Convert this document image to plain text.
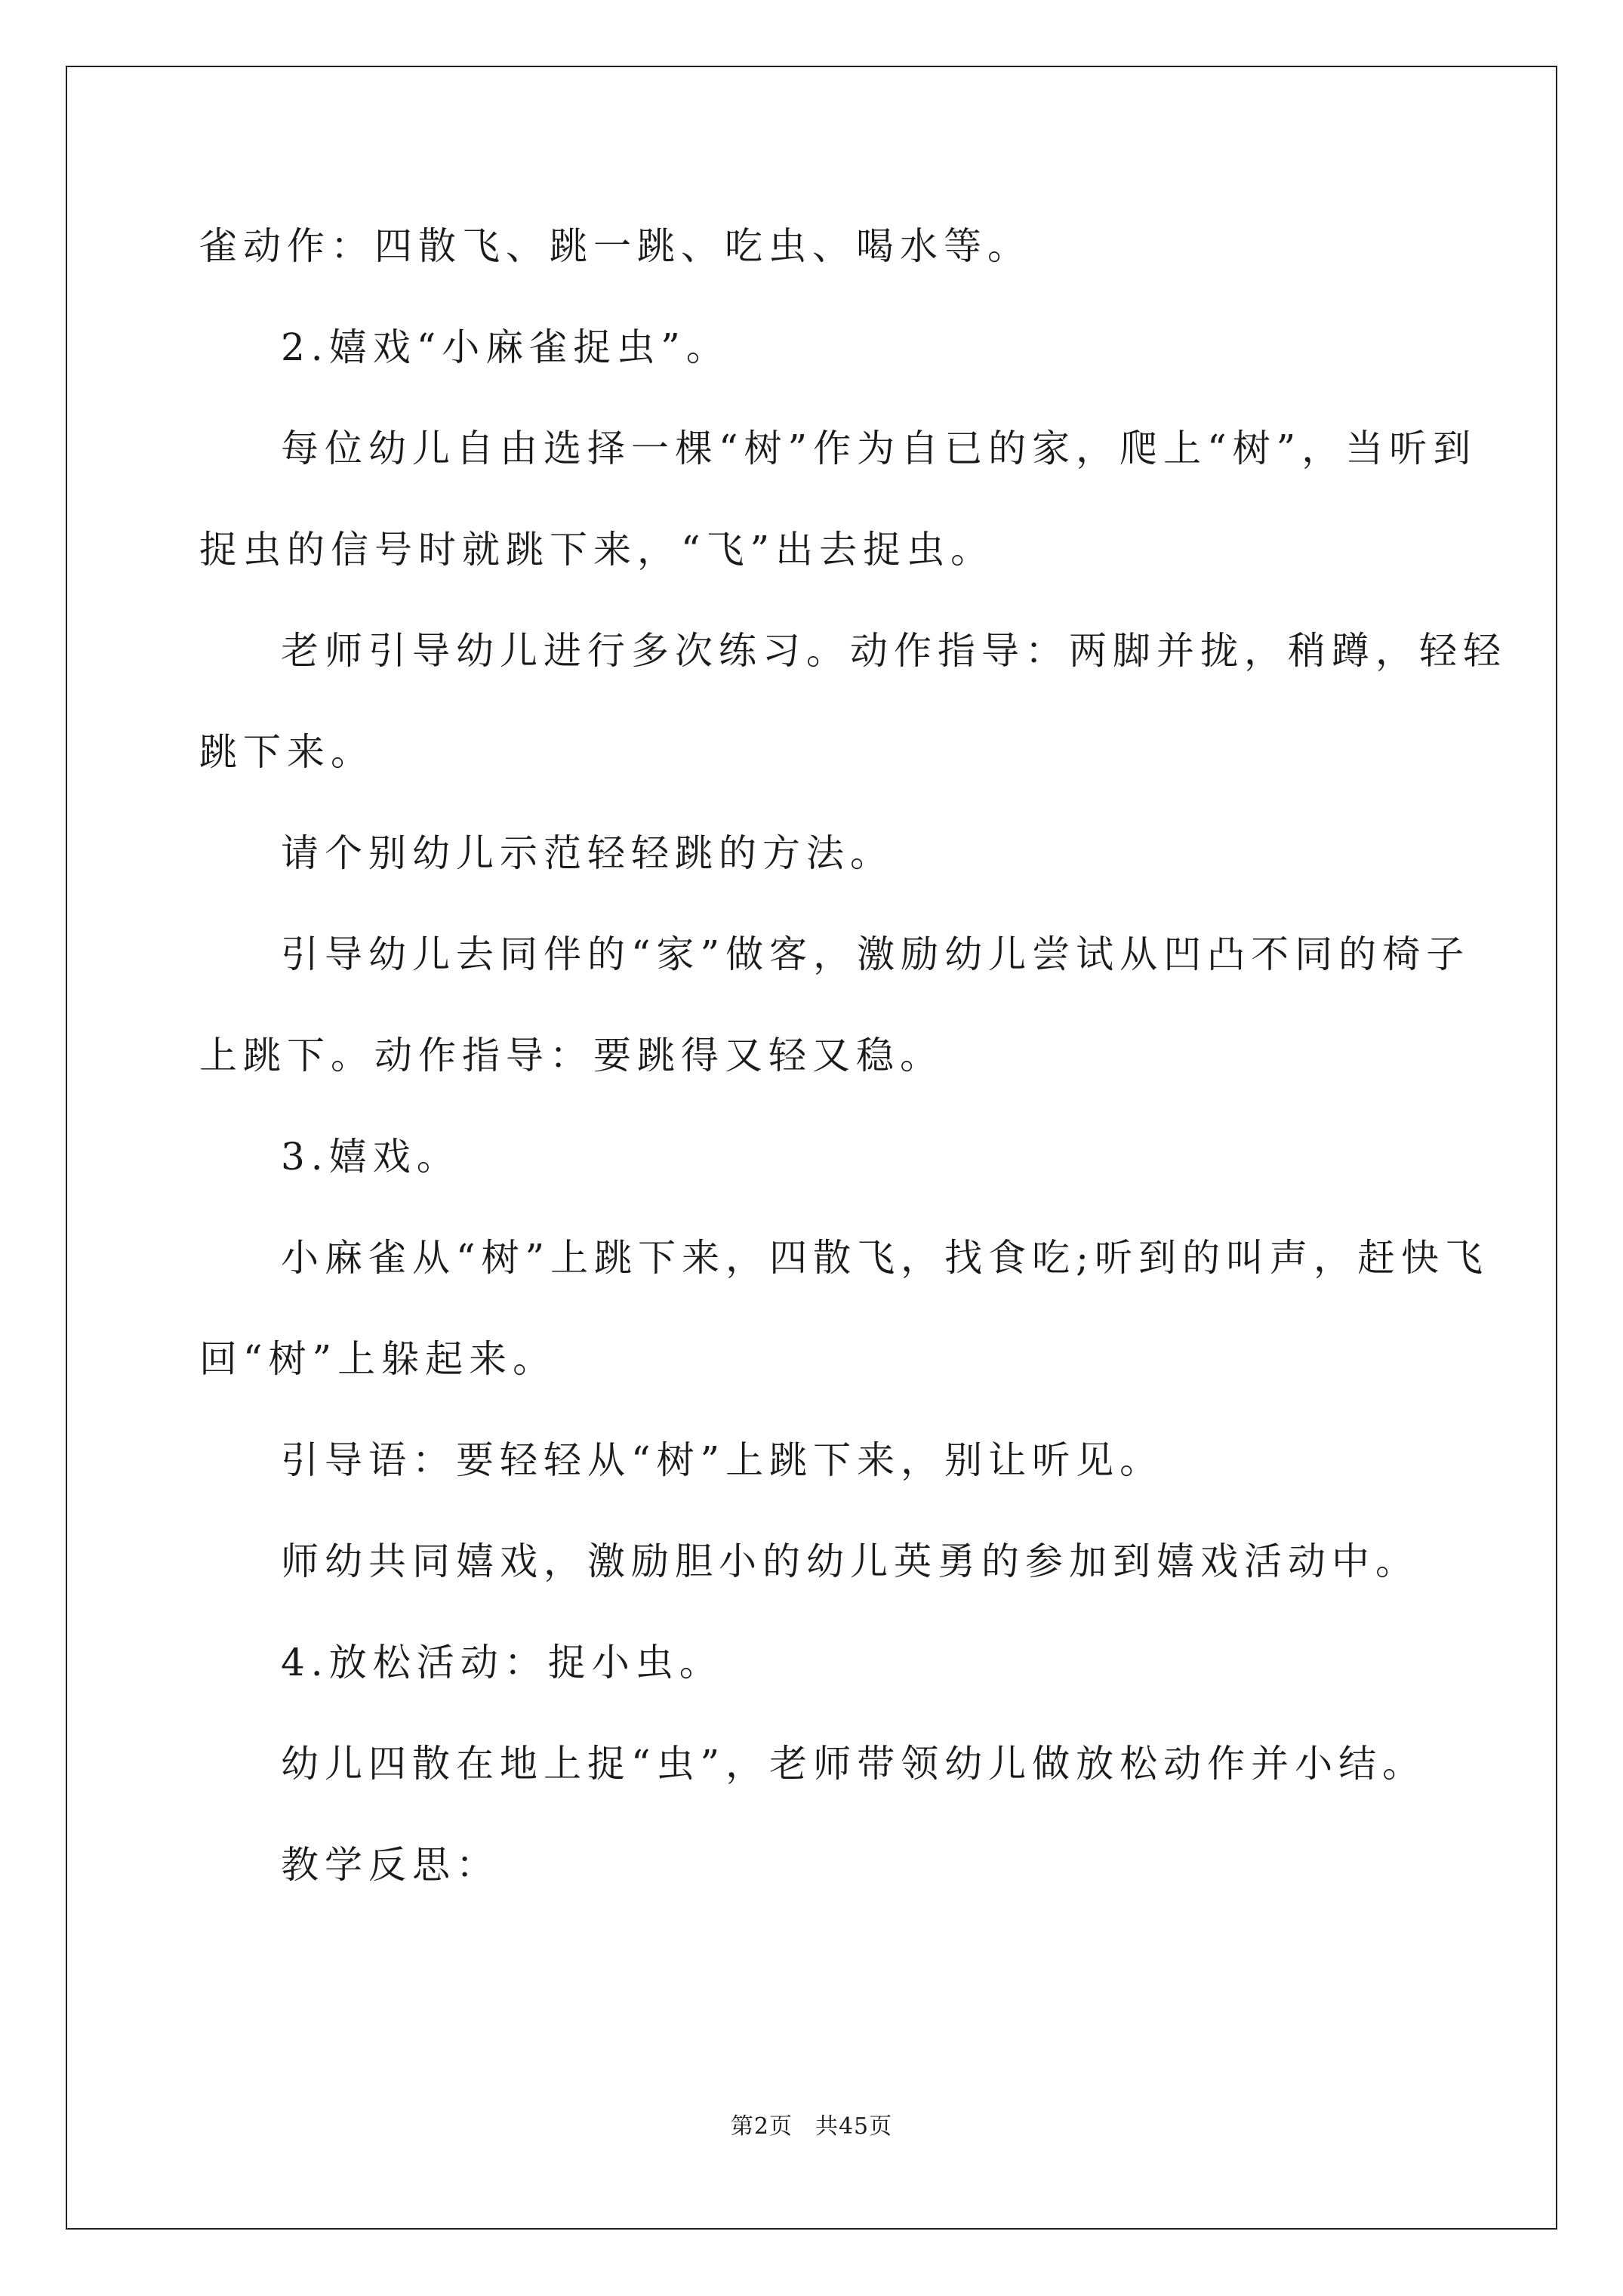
雀动作：四散飞、跳一跳、吃虫、喝水等。
2.嬉戏“小麻雀捉虫”。
每位幼儿自由选择一棵“树”作为自已的家，爬上“树”，当听到
捉虫的信号时就跳下来，“飞”出去捉虫。
老师引导幼儿进行多次练习。动作指导：两脚并拢，稍蹲，轻轻
跳下来。
请个别幼儿示范轻轻跳的方法。
引导幼儿去同伴的“家”做客，激励幼儿尝试从凹凸不同的椅子
上跳下。动作指导：要跳得又轻又稳。
3.嬉戏。
小麻雀从“树”上跳下来，四散飞，找食吃;听到的叫声，赶快飞
回“树”上躲起来。
引导语：要轻轻从“树”上跳下来，别让听见。
师幼共同嬉戏，激励胆小的幼儿英勇的参加到嬉戏活动中。
4.放松活动：捉小虫。
幼儿四散在地上捉“虫”，老师带领幼儿做放松动作并小结。
教学反思：
第2页 共45页
